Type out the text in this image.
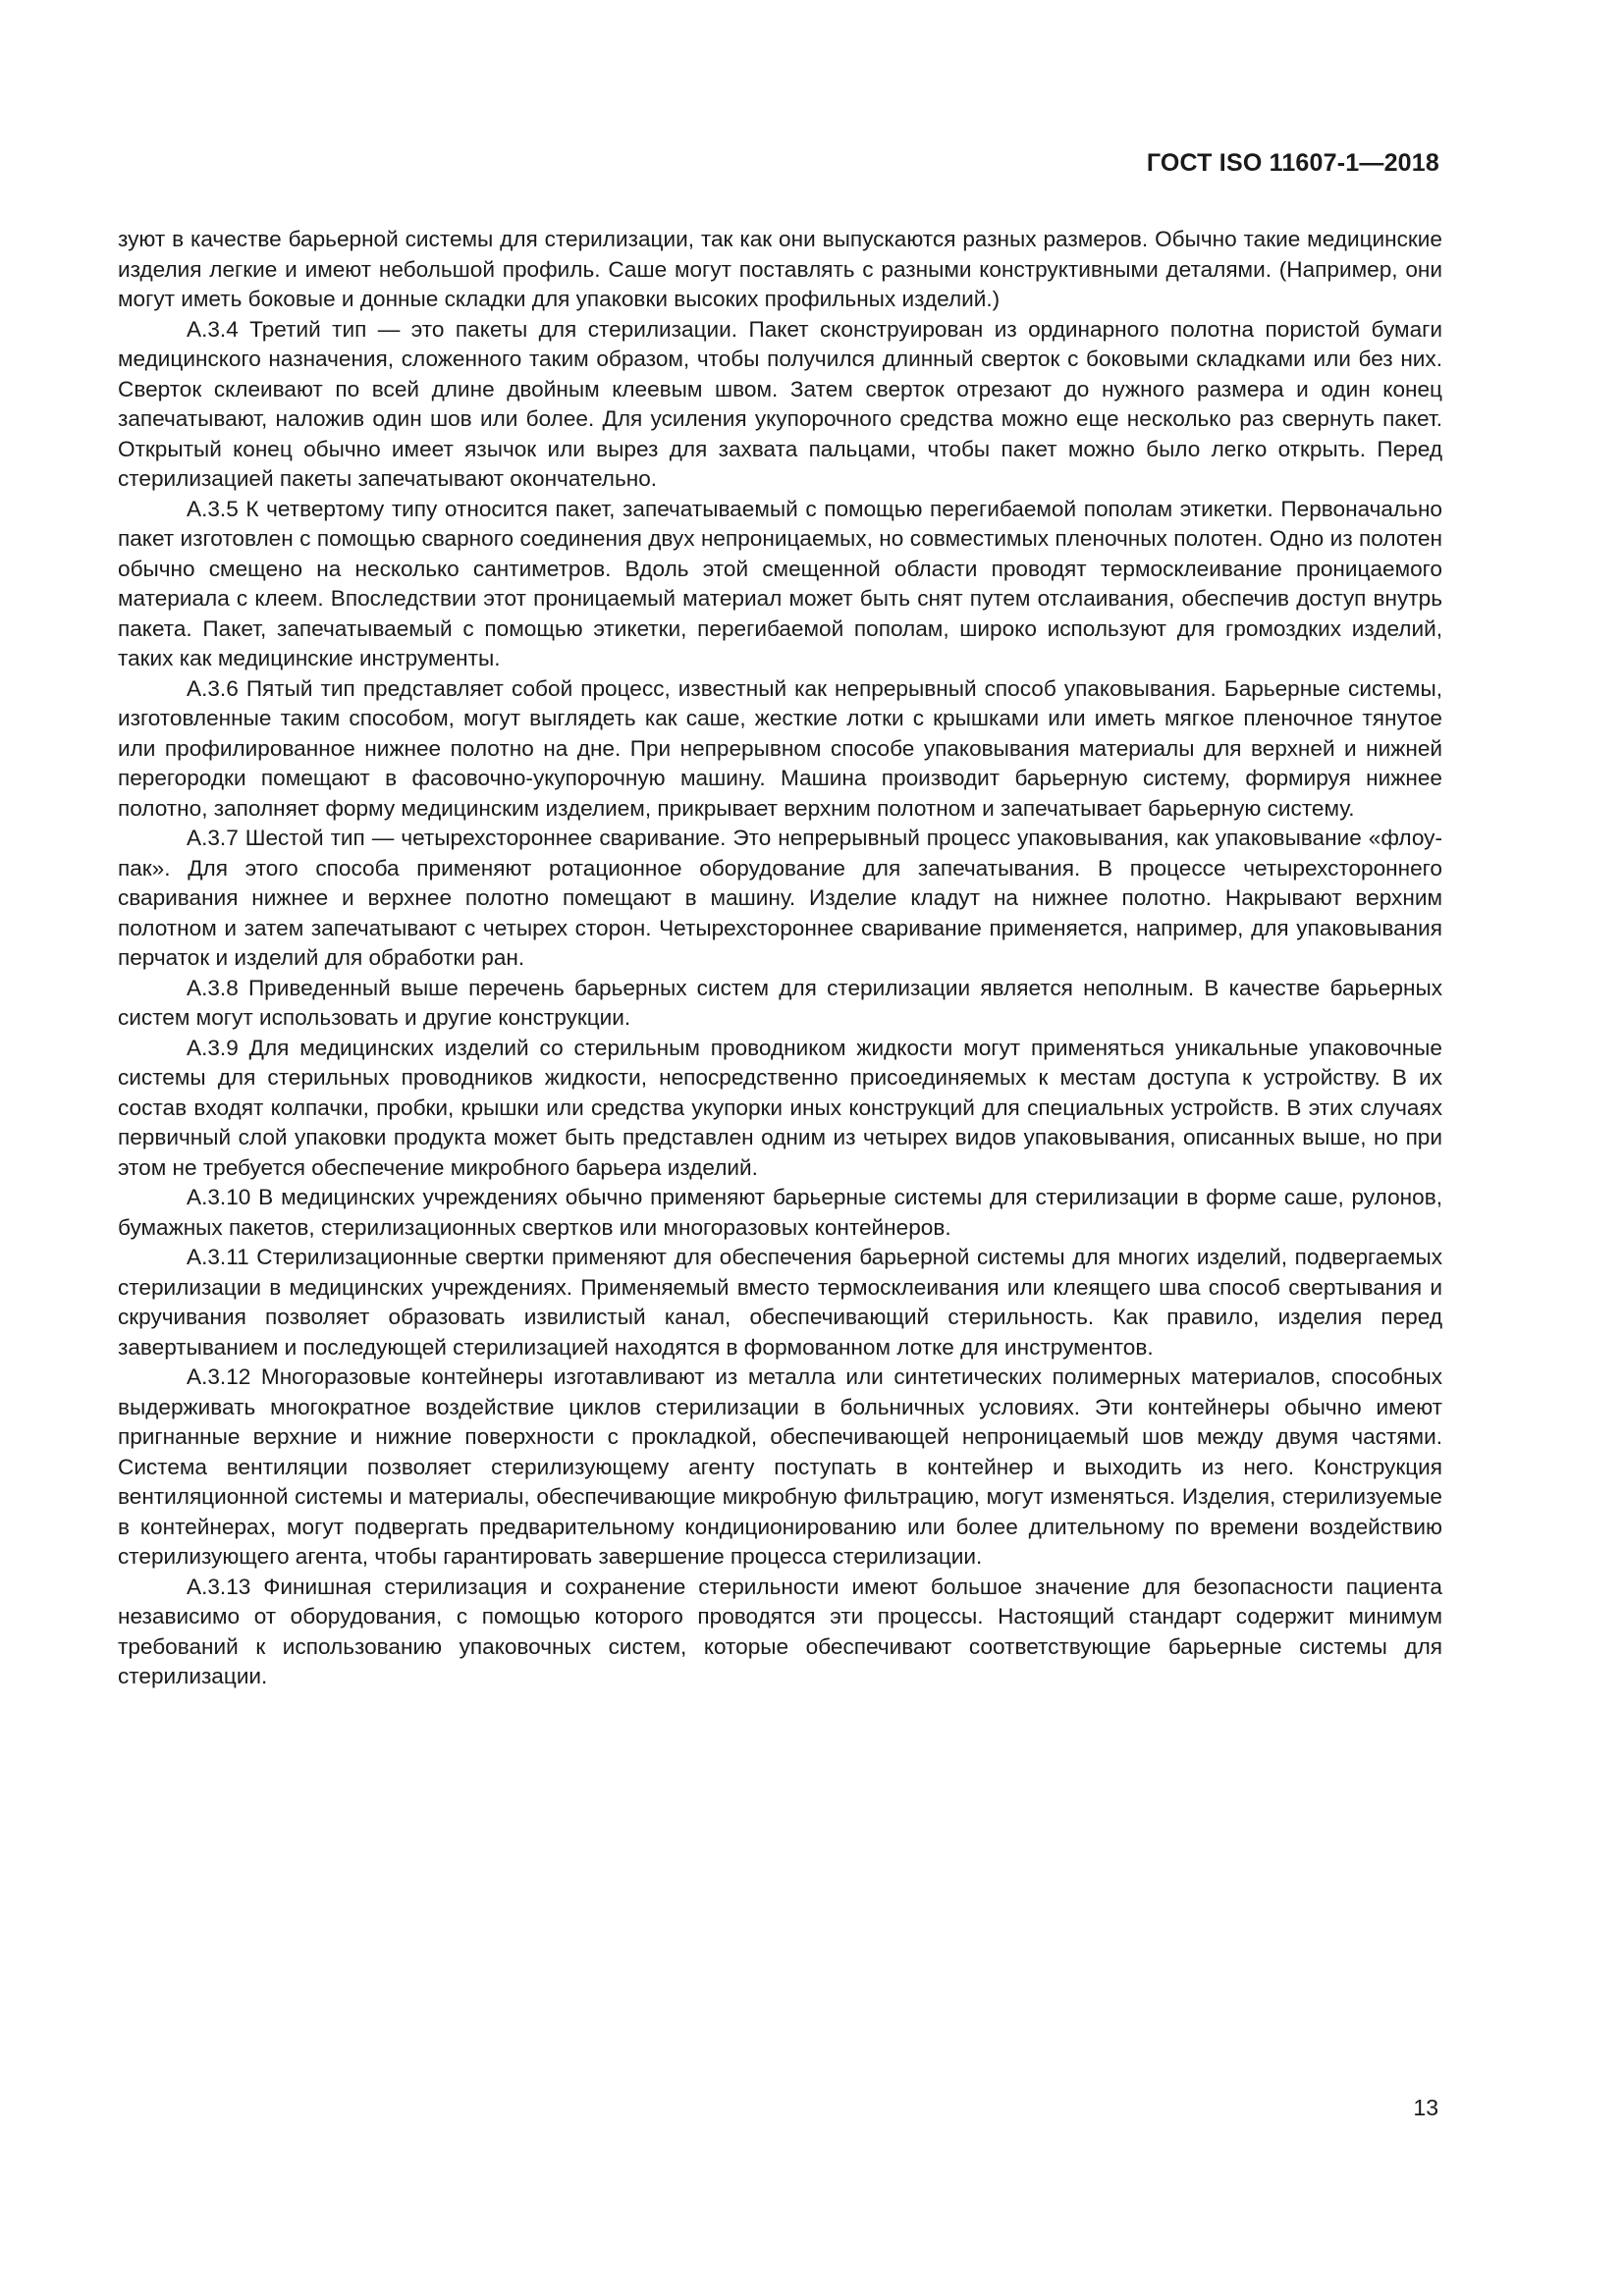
ГОСТ ISO 11607-1—2018

зуют в качестве барьерной системы для стерилизации, так как они выпускаются разных размеров. Обычно такие медицинские изделия легкие и имеют небольшой профиль. Саше могут поставлять с разными конструктивными деталями. (Например, они могут иметь боковые и донные складки для упаковки высоких профильных изделий.)

А.3.4 Третий тип — это пакеты для стерилизации. Пакет сконструирован из ординарного полотна пористой бумаги медицинского назначения, сложенного таким образом, чтобы получился длинный сверток с боковыми складками или без них. Сверток склеивают по всей длине двойным клеевым швом. Затем сверток отрезают до нужного размера и один конец запечатывают, наложив один шов или более. Для усиления укупорочного средства можно еще несколько раз свернуть пакет. Открытый конец обычно имеет язычок или вырез для захвата пальцами, чтобы пакет можно было легко открыть. Перед стерилизацией пакеты запечатывают окончательно.

А.3.5 К четвертому типу относится пакет, запечатываемый с помощью перегибаемой пополам этикетки. Первоначально пакет изготовлен с помощью сварного соединения двух непроницаемых, но совместимых пленочных полотен. Одно из полотен обычно смещено на несколько сантиметров. Вдоль этой смещенной области проводят термосклеивание проницаемого материала с клеем. Впоследствии этот проницаемый материал может быть снят путем отслаивания, обеспечив доступ внутрь пакета. Пакет, запечатываемый с помощью этикетки, перегибаемой пополам, широко используют для громоздких изделий, таких как медицинские инструменты.

А.3.6 Пятый тип представляет собой процесс, известный как непрерывный способ упаковывания. Барьерные системы, изготовленные таким способом, могут выглядеть как саше, жесткие лотки с крышками или иметь мягкое пленочное тянутое или профилированное нижнее полотно на дне. При непрерывном способе упаковывания материалы для верхней и нижней перегородки помещают в фасовочно-укупорочную машину. Машина производит барьерную систему, формируя нижнее полотно, заполняет форму медицинским изделием, прикрывает верхним полотном и запечатывает барьерную систему.

А.3.7 Шестой тип — четырехстороннее сваривание. Это непрерывный процесс упаковывания, как упаковывание «флоу-пак». Для этого способа применяют ротационное оборудование для запечатывания. В процессе четырехстороннего сваривания нижнее и верхнее полотно помещают в машину. Изделие кладут на нижнее полотно. Накрывают верхним полотном и затем запечатывают с четырех сторон. Четырехстороннее сваривание применяется, например, для упаковывания перчаток и изделий для обработки ран.

А.3.8 Приведенный выше перечень барьерных систем для стерилизации является неполным. В качестве барьерных систем могут использовать и другие конструкции.

А.3.9 Для медицинских изделий со стерильным проводником жидкости могут применяться уникальные упаковочные системы для стерильных проводников жидкости, непосредственно присоединяемых к местам доступа к устройству. В их состав входят колпачки, пробки, крышки или средства укупорки иных конструкций для специальных устройств. В этих случаях первичный слой упаковки продукта может быть представлен одним из четырех видов упаковывания, описанных выше, но при этом не требуется обеспечение микробного барьера изделий.

А.3.10 В медицинских учреждениях обычно применяют барьерные системы для стерилизации в форме саше, рулонов, бумажных пакетов, стерилизационных свертков или многоразовых контейнеров.

А.3.11 Стерилизационные свертки применяют для обеспечения барьерной системы для многих изделий, подвергаемых стерилизации в медицинских учреждениях. Применяемый вместо термосклеивания или клеящего шва способ свертывания и скручивания позволяет образовать извилистый канал, обеспечивающий стерильность. Как правило, изделия перед завертыванием и последующей стерилизацией находятся в формованном лотке для инструментов.

А.3.12 Многоразовые контейнеры изготавливают из металла или синтетических полимерных материалов, способных выдерживать многократное воздействие циклов стерилизации в больничных условиях. Эти контейнеры обычно имеют пригнанные верхние и нижние поверхности с прокладкой, обеспечивающей непроницаемый шов между двумя частями. Система вентиляции позволяет стерилизующему агенту поступать в контейнер и выходить из него. Конструкция вентиляционной системы и материалы, обеспечивающие микробную фильтрацию, могут изменяться. Изделия, стерилизуемые в контейнерах, могут подвергать предварительному кондиционированию или более длительному по времени воздействию стерилизующего агента, чтобы гарантировать завершение процесса стерилизации.

А.3.13 Финишная стерилизация и сохранение стерильности имеют большое значение для безопасности пациента независимо от оборудования, с помощью которого проводятся эти процессы. Настоящий стандарт содержит минимум требований к использованию упаковочных систем, которые обеспечивают соответствующие барьерные системы для стерилизации.

13
